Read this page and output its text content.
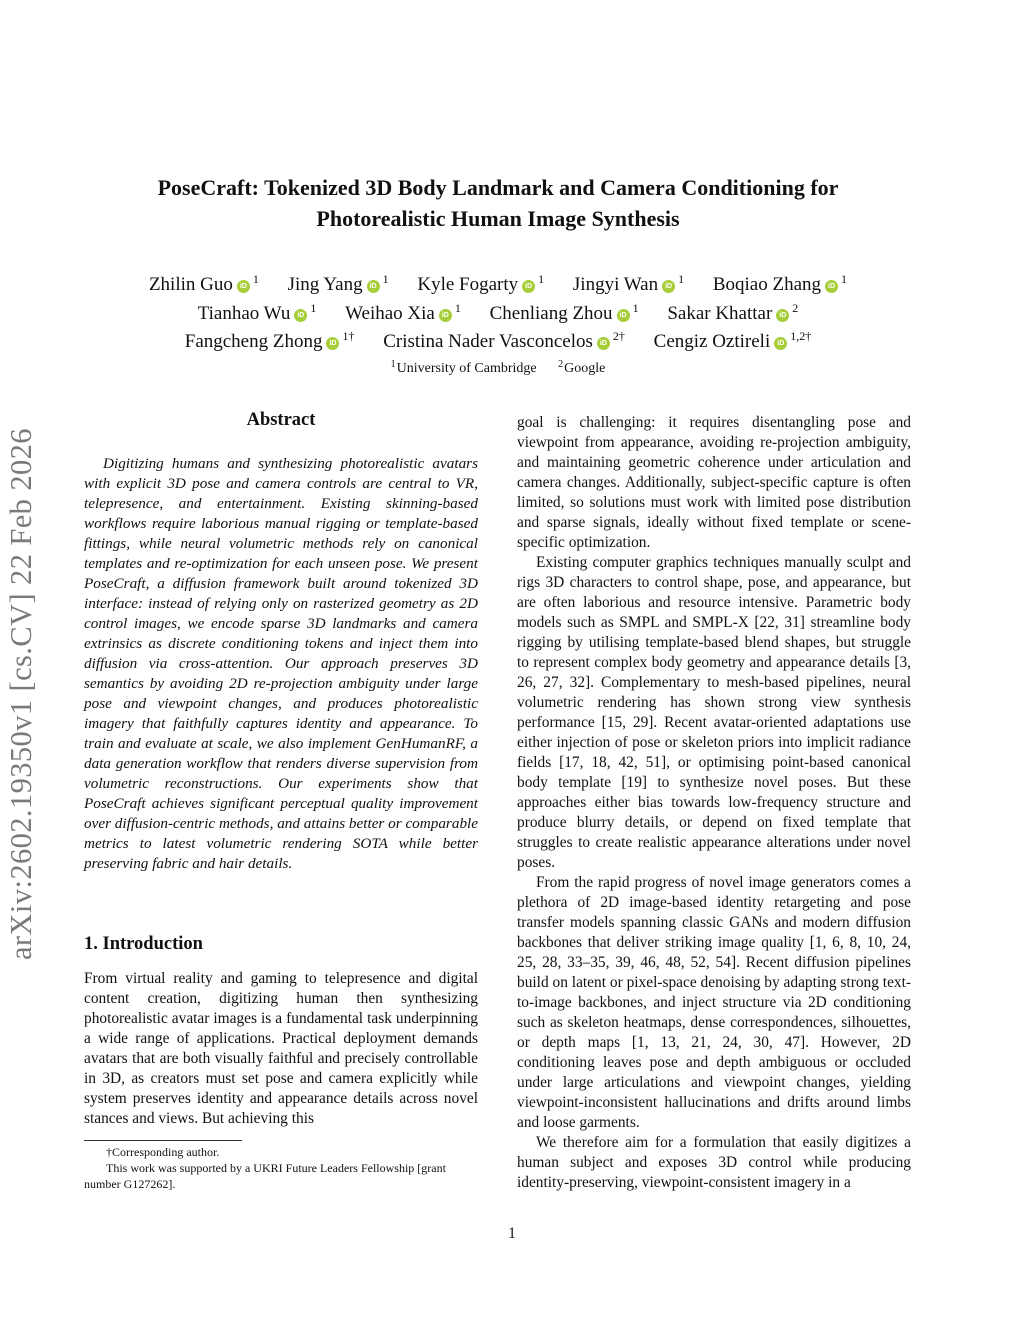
arXiv:2602.19350v1 [cs.CV] 22 Feb 2026
PoseCraft: Tokenized 3D Body Landmark and Camera Conditioning for
Photorealistic Human Image Synthesis
Zhilin Guo $iD^1$ Jing Yang $iD^1$ Kyle Fogarty $iD^1$ Jingyi Wan $iD^1$ Boqiao Zhang $iD^1$
Tianhao Wu $iD^1$ Weihao Xia $iD^1$ Chenliang Zhou $iD^1$ Sakar Khattar $iD^2$
Fangcheng Zhong $iD^{1\dagger}$ Cristina Nader Vasconcelos $iD^{2\dagger}$ Cengiz Oztireli $iD^{1,2\dagger}$
$^1$University of Cambridge $^2$Google
Abstract
Digitizing humans and synthesizing photorealistic avatars with explicit 3D pose and camera controls are central to VR, telepresence, and entertainment. Existing skinning-based workflows require laborious manual rigging or template-based fittings, while neural volumetric methods rely on canonical templates and re-optimization for each unseen pose. We present PoseCraft, a diffusion framework built around tokenized 3D interface: instead of relying only on rasterized geometry as 2D control images, we encode sparse 3D landmarks and camera extrinsics as discrete conditioning tokens and inject them into diffusion via cross-attention. Our approach preserves 3D semantics by avoiding 2D re-projection ambiguity under large pose and viewpoint changes, and produces photorealistic imagery that faithfully captures identity and appearance. To train and evaluate at scale, we also implement GenHumanRF, a data generation workflow that renders diverse supervision from volumetric reconstructions. Our experiments show that PoseCraft achieves significant perceptual quality improvement over diffusion-centric methods, and attains better or comparable metrics to latest volumetric rendering SOTA while better preserving fabric and hair details.
1. Introduction
From virtual reality and gaming to telepresence and digital content creation, digitizing human then synthesizing photorealistic avatar images is a fundamental task underpinning a wide range of applications. Practical deployment demands avatars that are both visually faithful and precisely controllable in 3D, as creators must set pose and camera explicitly while system preserves identity and appearance details across novel stances and views. But achieving this

†Corresponding author.

This work was supported by a UKRI Future Leaders Fellowship [grant number G127262].

goal is challenging: it requires disentangling pose and viewpoint from appearance, avoiding re-projection ambiguity, and maintaining geometric coherence under articulation and camera changes. Additionally, subject-specific capture is often limited, so solutions must work with limited pose distribution and sparse signals, ideally without fixed template or scene-specific optimization.

Existing computer graphics techniques manually sculpt and rigs 3D characters to control shape, pose, and appearance, but are often laborious and resource intensive. Parametric body models such as SMPL and SMPL-X [22, 31] streamline body rigging by utilising template-based blend shapes, but struggle to represent complex body geometry and appearance details [3, 26, 27, 32]. Complementary to mesh-based pipelines, neural volumetric rendering has shown strong view synthesis performance [15, 29]. Recent avatar-oriented adaptations use either injection of pose or skeleton priors into implicit radiance fields [17, 18, 42, 51], or optimising point-based canonical body template [19] to synthesize novel poses. But these approaches either bias towards low-frequency structure and produce blurry details, or depend on fixed template that struggles to create realistic appearance alterations under novel poses.

From the rapid progress of novel image generators comes a plethora of 2D image-based identity retargeting and pose transfer models spanning classic GANs and modern diffusion backbones that deliver striking image quality [1, 6, 8, 10, 24, 25, 28, 33–35, 39, 46, 48, 52, 54]. Recent diffusion pipelines build on latent or pixel-space denoising by adapting strong text-to-image backbones, and inject structure via 2D conditioning such as skeleton heatmaps, dense correspondences, silhouettes, or depth maps [1, 13, 21, 24, 30, 47]. However, 2D conditioning leaves pose and depth ambiguous or occluded under large articulations and viewpoint changes, yielding viewpoint-inconsistent hallucinations and drifts around limbs and loose garments.

We therefore aim for a formulation that easily digitizes a human subject and exposes 3D control while producing identity-preserving, viewpoint-consistent imagery in a

1
